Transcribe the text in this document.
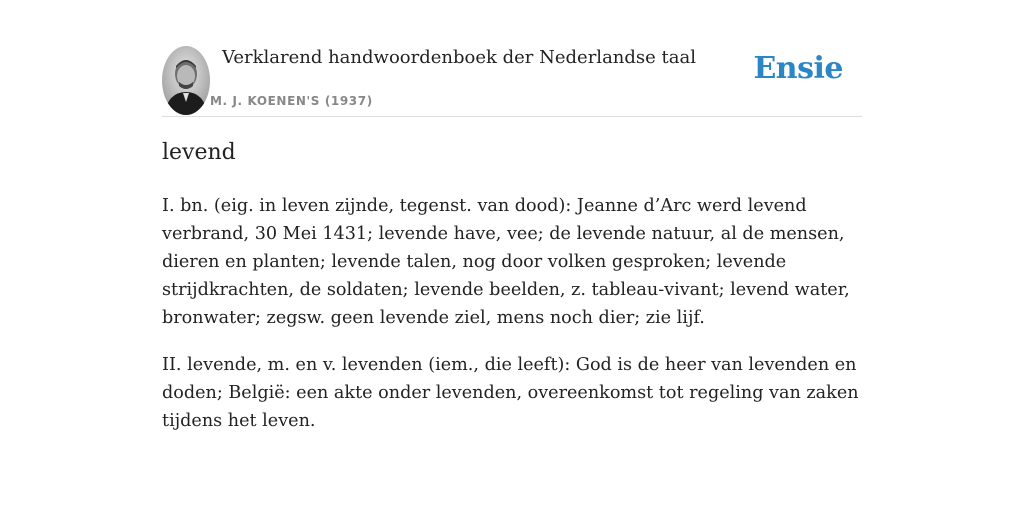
Verklarend handwoordenboek der Nederlandse taal
M. J. KOENEN'S (1937)
Ensie
levend

I. bn. (eig. in leven zijnde, tegenst. van dood): Jeanne d’Arc werd levend verbrand, 30 Mei 1431; levende have, vee; de levende natuur, al de mensen, dieren en planten; levende talen, nog door volken gesproken; levende strijdkrachten, de soldaten; levende beelden, z. tableau-vivant; levend water, bronwater; zegsw. geen levende ziel, mens noch dier; zie lijf.

II. levende, m. en v. levenden (iem., die leeft): God is de heer van levenden en doden; België: een akte onder levenden, overeenkomst tot regeling van zaken tijdens het leven.
